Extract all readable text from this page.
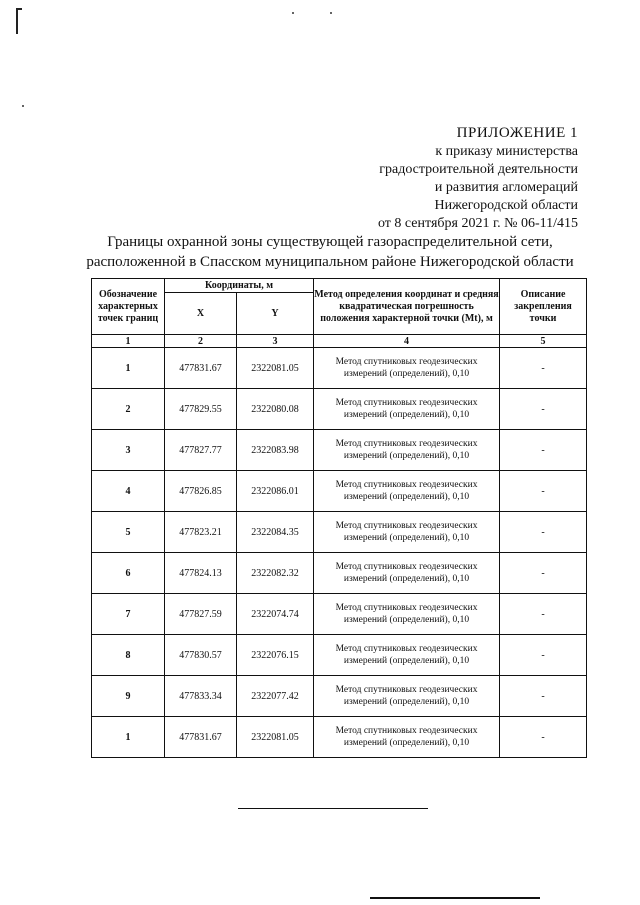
ПРИЛОЖЕНИЕ 1
к приказу министерства
градостроительной деятельности
и развития агломераций
Нижегородской области
от 8 сентября 2021 г. № 06-11/415
Границы охранной зоны существующей газораспределительной сети,
расположенной в Спасском муниципальном районе Нижегородской области
Обозначение характерных точек границ	Координаты, м		Метод определения координат и средняя квадратическая погрешность положения характерной точки (Mt), м	Описание закрепления точки
	X	Y		
1	2	3	4	5
1	477831.67	2322081.05	Метод спутниковых геодезических измерений (определений), 0,10	-
2	477829.55	2322080.08	Метод спутниковых геодезических измерений (определений), 0,10	-
3	477827.77	2322083.98	Метод спутниковых геодезических измерений (определений), 0,10	-
4	477826.85	2322086.01	Метод спутниковых геодезических измерений (определений), 0,10	-
5	477823.21	2322084.35	Метод спутниковых геодезических измерений (определений), 0,10	-
6	477824.13	2322082.32	Метод спутниковых геодезических измерений (определений), 0,10	-
7	477827.59	2322074.74	Метод спутниковых геодезических измерений (определений), 0,10	-
8	477830.57	2322076.15	Метод спутниковых геодезических измерений (определений), 0,10	-
9	477833.34	2322077.42	Метод спутниковых геодезических измерений (определений), 0,10	-
1	477831.67	2322081.05	Метод спутниковых геодезических измерений (определений), 0,10	-
